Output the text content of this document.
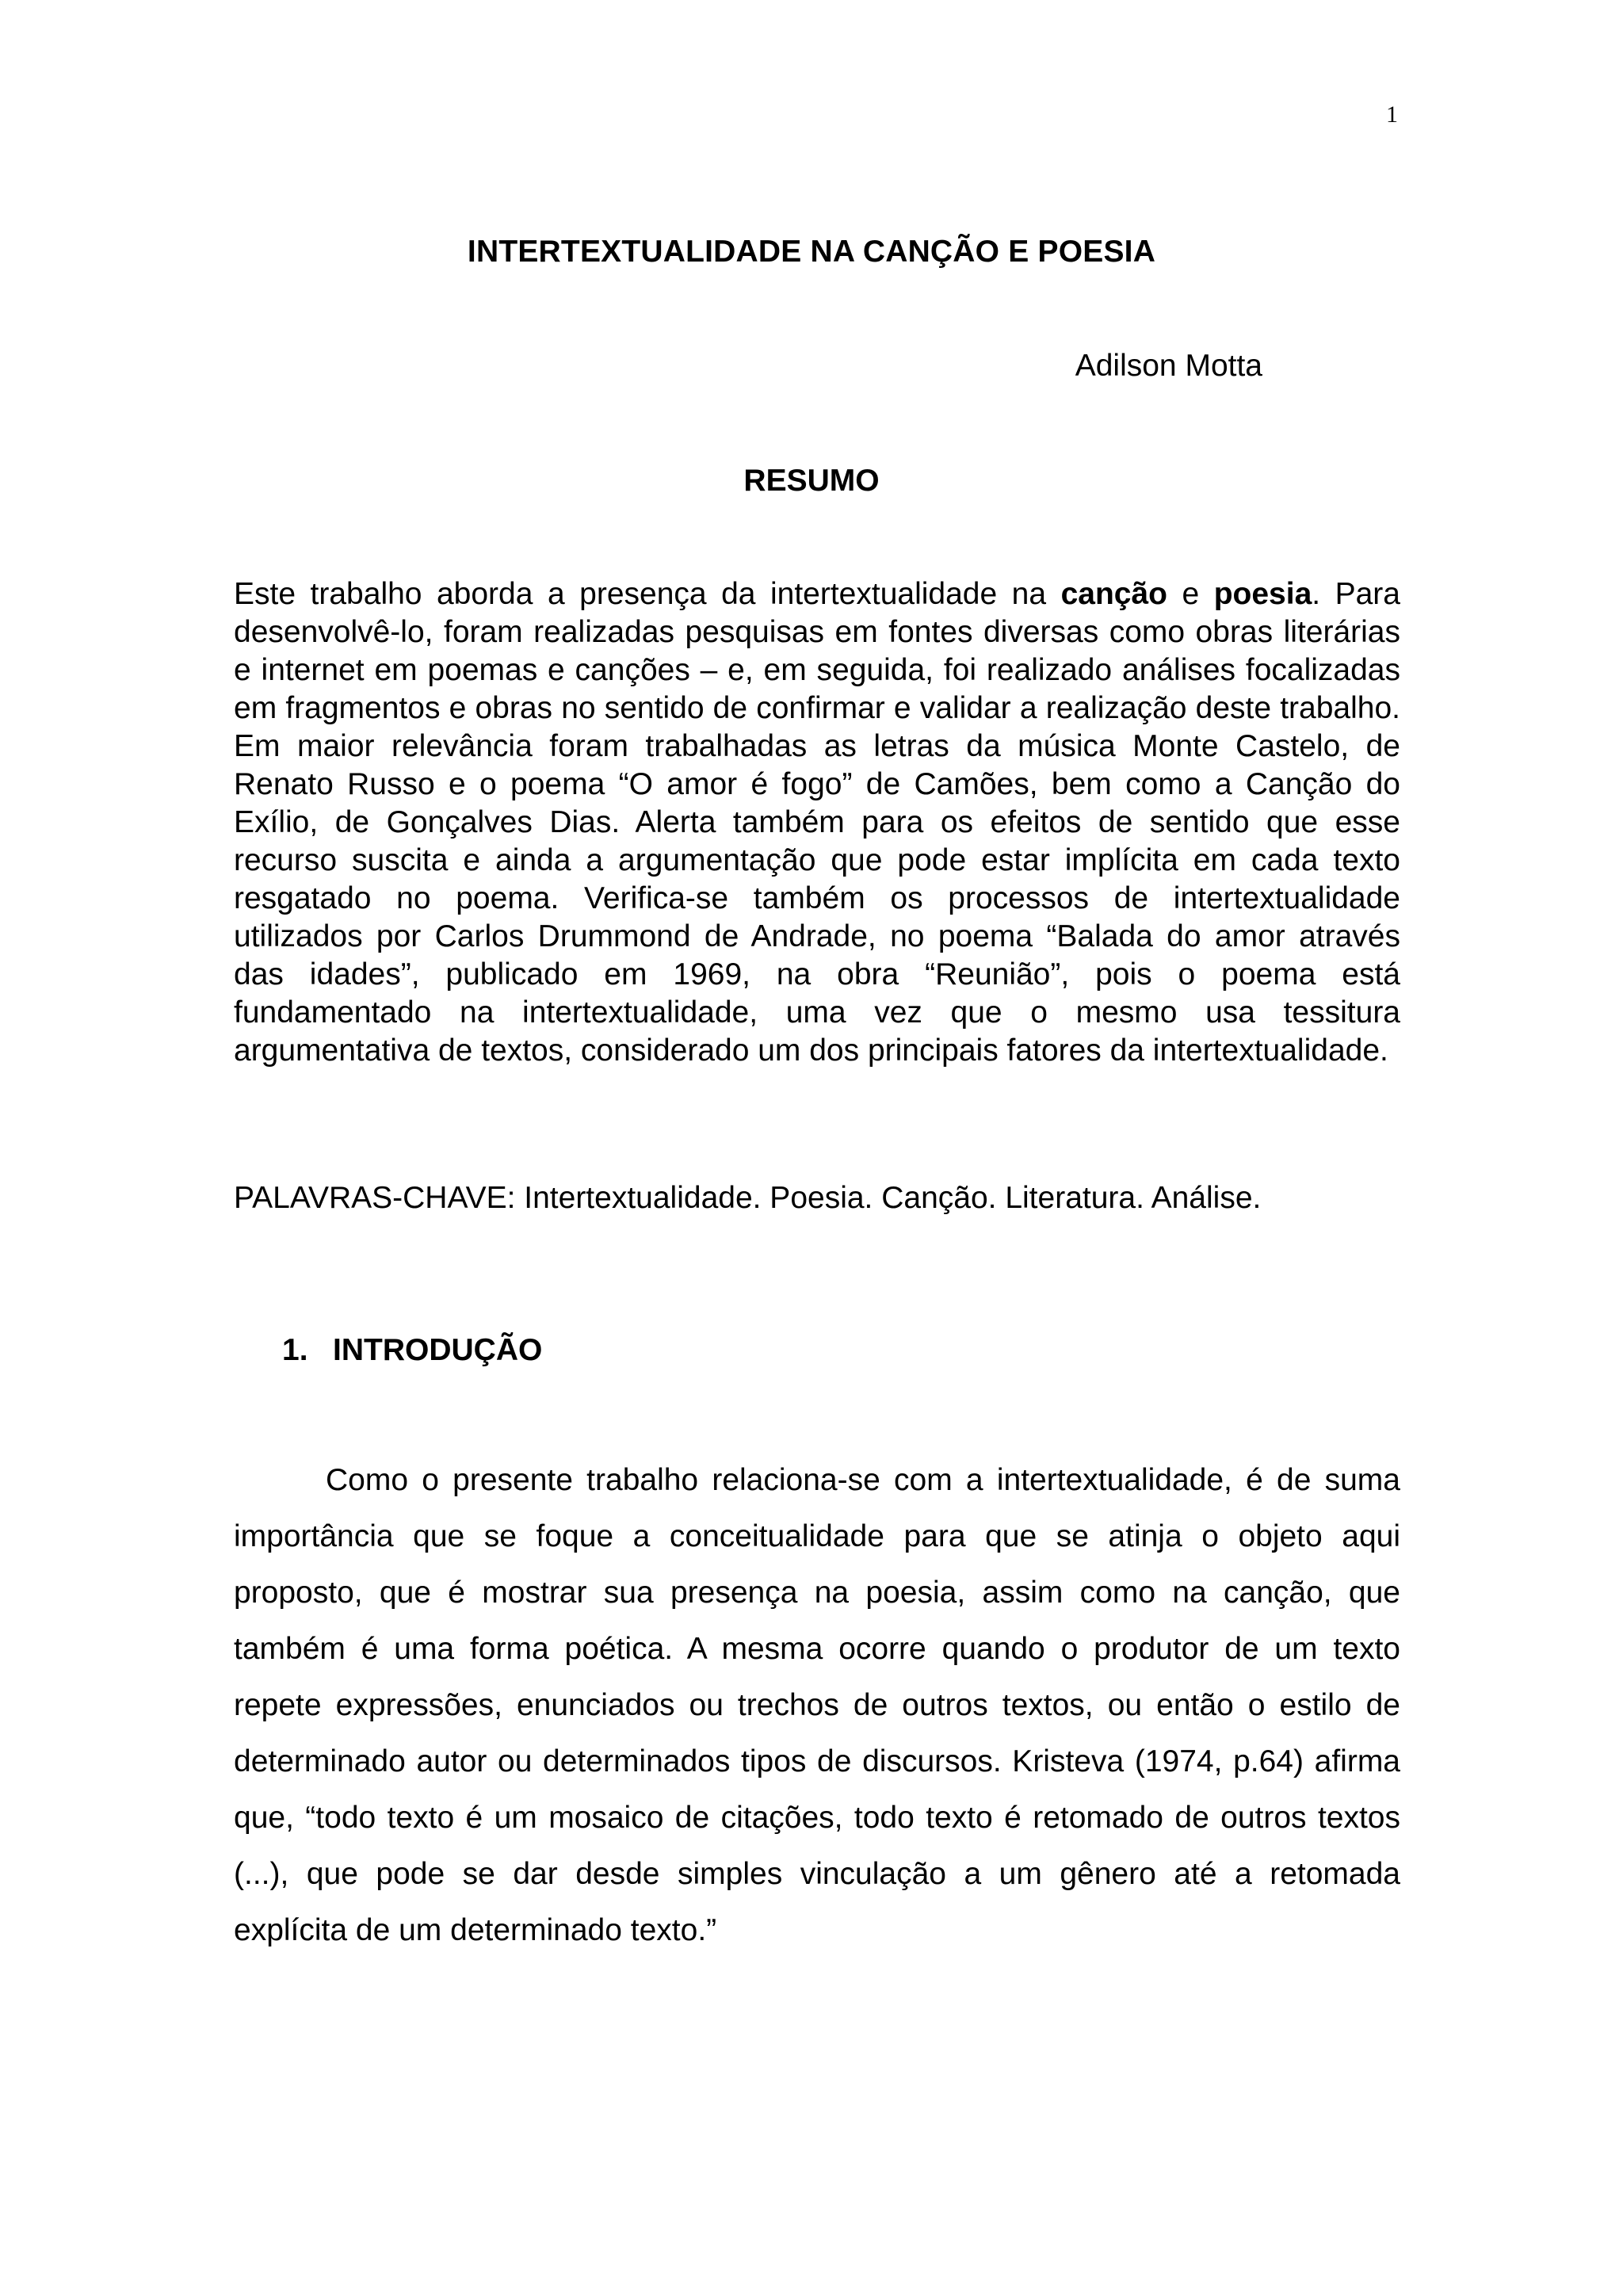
1
INTERTEXTUALIDADE NA CANÇÃO E POESIA
Adilson Motta
RESUMO

Este trabalho aborda a presença da intertextualidade na canção e poesia. Para desenvolvê-lo, foram realizadas pesquisas em fontes diversas como obras literárias e internet em poemas e canções – e, em seguida, foi realizado análises focalizadas em fragmentos e obras no sentido de confirmar e validar a realização deste trabalho. Em maior relevância foram trabalhadas as letras da música Monte Castelo, de Renato Russo e o poema “O amor é fogo” de Camões, bem como a Canção do Exílio, de Gonçalves Dias. Alerta também para os efeitos de sentido que esse recurso suscita e ainda a argumentação que pode estar implícita em cada texto resgatado no poema. Verifica-se também os processos de intertextualidade utilizados por Carlos Drummond de Andrade, no poema “Balada do amor através das idades”, publicado em 1969, na obra “Reunião”, pois o poema está fundamentado na intertextualidade, uma vez que o mesmo usa tessitura argumentativa de textos, considerado um dos principais fatores da intertextualidade.

PALAVRAS-CHAVE: Intertextualidade. Poesia. Canção. Literatura. Análise.

1. INTRODUÇÃO

Como o presente trabalho relaciona-se com a intertextualidade, é de suma importância que se foque a conceitualidade para que se atinja o objeto aqui proposto, que é mostrar sua presença na poesia, assim como na canção, que também é uma forma poética. A mesma ocorre quando o produtor de um texto repete expressões, enunciados ou trechos de outros textos, ou então o estilo de determinado autor ou determinados tipos de discursos. Kristeva (1974, p.64) afirma que, “todo texto é um mosaico de citações, todo texto é retomado de outros textos (...), que pode se dar desde simples vinculação a um gênero até a retomada explícita de um determinado texto.”
